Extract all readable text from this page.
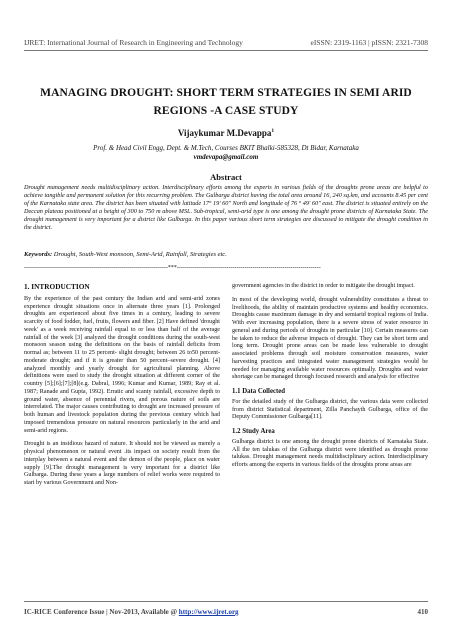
IJRET: International Journal of Research in Engineering and Technology	eISSN: 2319-1163 | pISSN: 2321-7308
MANAGING DROUGHT: SHORT TERM STRATEGIES IN SEMI ARID
REGIONS -A CASE STUDY
Vijaykumar M.Devappa$^1$
Prof. & Head Civil Engg, Dept. & M.Tech, Courses BKIT Bhalki-585328, Dt Bidar, Karnataka
vmdevapa@gmail.com
Abstract
Drought management needs multidisciplinary action. Interdisciplinary efforts among the experts in various fields of the droughts prone areas are helpful to achieve tangible and permanent solution for this recurring problem. The Gulbarga district having the total area around 16, 240 sq.km, and accounts 8.45 per cent of the Karnataka state area. The district has been situated with latitude 17° 19' 60" North and longitude of 76 ° 49' 60" east. The district is situated entirely on the Deccan plateau positioned at a height of 300 to 750 m above MSL. Sub-tropical, semi-arid type is one among the drought prone districts of Karnataka State. The drought management is very important for a district like Gulbarga. In this paper various short term strategies are discussed to mitigate the drought condition in the district.
Keywords: Drought, South-West monsoon, Semi-Arid, Rainfall, Strategies etc.
------------------------------------------------------------------------***------------------------------------------------------------------------
1. INTRODUCTION

By the experience of the past century the Indian arid and semi-arid zones experience drought situations once in alternate three years [1]. Prolonged droughts are experienced about five times in a century, leading to severe scarcity of food fodder, fuel, fruits, flowers and fiber. [2] Have defined 'drought week' as a week receiving rainfall equal to or less than half of the average rainfall of the week [3] analyzed the drought conditions during the south-west monsoon season using the definitions on the basis of rainfall deficits from normal as; between 11 to 25 percent- slight drought; between 26 to50 percent- moderate drought; and if it is greater than 50 percent–severe drought. [4] analyzed monthly and yearly drought for agricultural planning. Above definitions were used to study the drought situation at different corner of the country [5];[6];[7];[8](e.g. Dabral, 1996; Kumar and Kumar, 1989; Ray et al. 1987; Ranade and Gupta, 1992). Erratic and scanty rainfall, excessive depth to ground water, absence of perennial rivers, and porous nature of soils are interrelated. The major causes contributing to drought are increased pressure of both human and livestock population during the previous century which had imposed tremendous pressure on natural resources particularly in the arid and semi-arid regions.

Drought is an insidious hazard of nature. It should not be viewed as merely a physical phenomenon or natural event .its impact on society result from the interplay between a natural event and the demon of the people, place on water supply [9].The drought management is very important for a district like Gulbarga. During these years a large numbers of relief works were required to start by various Government and Non-

government agencies in the district in order to mitigate the drought impact.

In most of the developing world, drought vulnerability constitutes a threat to livelihoods, the ability of maintain productive systems and healthy economics. Droughts cause maximum damage in dry and semiarid tropical regions of India. With ever increasing population, there is a severe stress of water resource in general and during periods of droughts in particular [10]. Certain measures can be taken to reduce the adverse impacts of drought. They can be short term and long term. Drought prone areas can be made less vulnerable to drought associated problems through soil moisture conservation measures, water harvesting practices and integrated water management strategies would be needed for managing available water resources optimally. Droughts and water shortage can be managed through focused research and analysis for effective

1.1 Data Collected

For the detailed study of the Gulbarga district, the various data were collected from district Statistical department, Zilla Panchayth Gulbarga, office of the Deputy Commissioner Gulbarga[11].

1.2 Study Area

Gulbarga district is one among the drought prone districts of Karnataka State. All the ten talukas of the Gulbarga district were identified as drought prone talukas. Drought management needs multidisciplinary action. Interdisciplinary efforts among the experts in various fields of the droughts prone areas are

IC-RICE Conference Issue | Nov-2013, Available @ http://www.ijret.org	410
